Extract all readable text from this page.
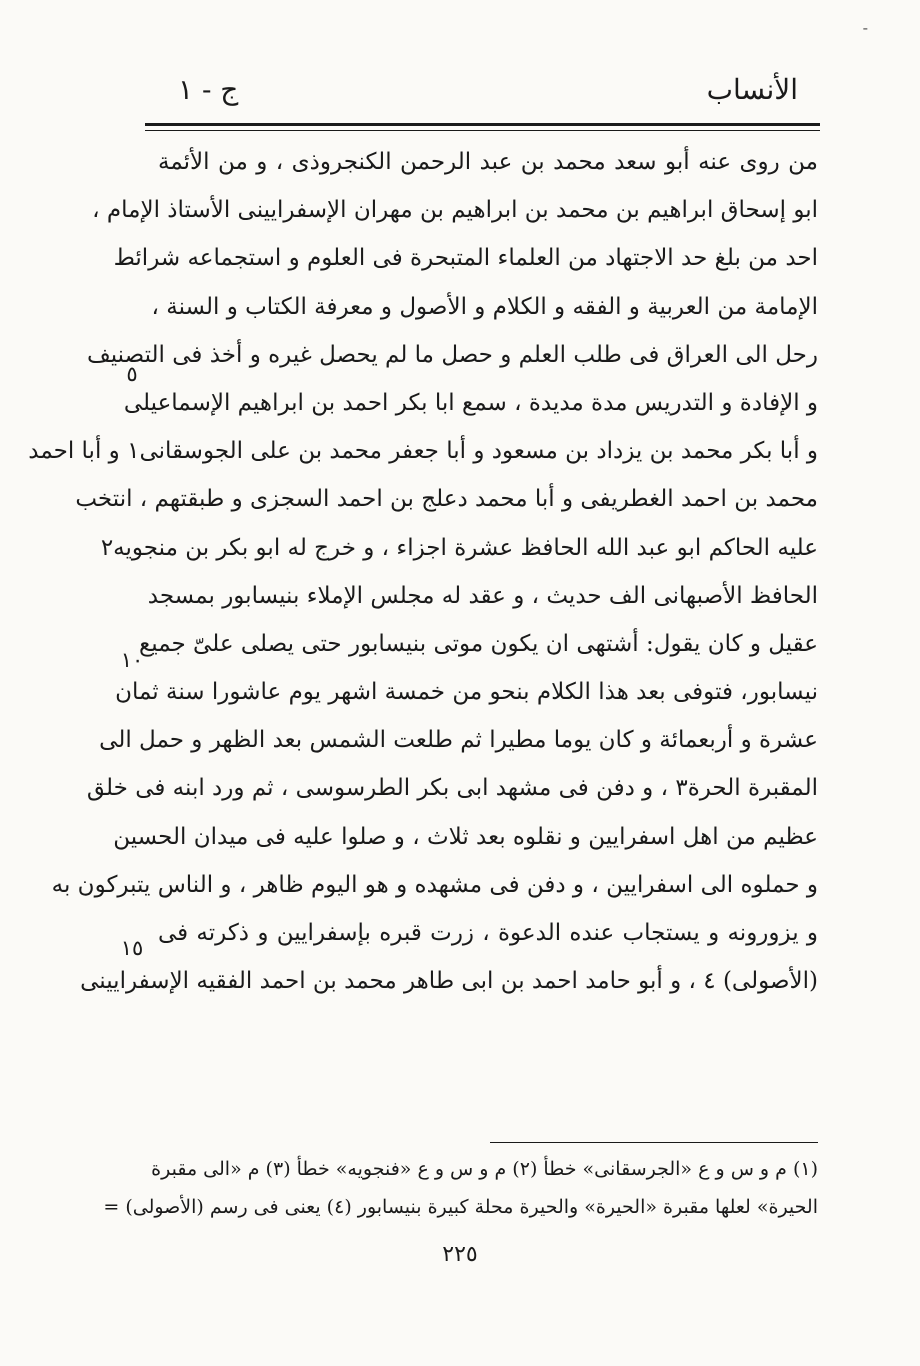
-
الأنساب
ج - ١
من روى عنه أبو سعد محمد بن عبد الرحمن الكنجروذى ، و من الأئمة
ابو إسحاق ابراهيم بن محمد بن ابراهيم بن مهران الإسفرايينى الأستاذ الإمام ،
احد من بلغ حد الاجتهاد من العلماء المتبحرة فى العلوم و استجماعه شرائط
الإمامة من العربية و الفقه و الكلام و الأصول و معرفة الكتاب و السنة ،
رحل الى العراق فى طلب العلم و حصل ما لم يحصل غيره و أخذ فى التصنيف
و الإفادة و التدريس مدة مديدة ، سمع ابا بكر احمد بن ابراهيم الإسماعيلى
و أبا بكر محمد بن يزداد بن مسعود و أبا جعفر محمد بن على الجوسقانى١ و أبا احمد
محمد بن احمد الغطريفى و أبا محمد دعلج بن احمد السجزى و طبقتهم ، انتخب
عليه الحاكم ابو عبد الله الحافظ عشرة اجزاء ، و خرج له ابو بكر بن منجويه٢
الحافظ الأصبهانى الف حديث ، و عقد له مجلس الإملاء بنيسابور بمسجد
عقيل و كان يقول: أشتهى ان يكون موتى بنيسابور حتى يصلى علىّ جميع
نيسابور، فتوفى بعد هذا الكلام بنحو من خمسة اشهر يوم عاشورا سنة ثمان
عشرة و أربعمائة و كان يوما مطيرا ثم طلعت الشمس بعد الظهر و حمل الى
المقبرة الحرة٣ ، و دفن فى مشهد ابى بكر الطرسوسى ، ثم ورد ابنه فى خلق
عظيم من اهل اسفرايين و نقلوه بعد ثلاث ، و صلوا عليه فى ميدان الحسين
و حملوه الى اسفرايين ، و دفن فى مشهده و هو اليوم ظاهر ، و الناس يتبركون به
و يزورونه و يستجاب عنده الدعوة ، زرت قبره بإسفرايين و ذكرته فى
(الأصولى) ٤ ، و أبو حامد احمد بن ابى طاهر محمد بن احمد الفقيه الإسفرايينى
٥
١٠
١٥
(١) م و س و ع «الجرسقانى» خطأ (٢) م و س و ع «فنجويه» خطأ (٣) م «الى مقبرة
الحيرة» لعلها مقبرة «الحيرة» والحيرة محلة كبيرة بنيسابور (٤) يعنى فى رسم (الأصولى) =
٢٢٥
